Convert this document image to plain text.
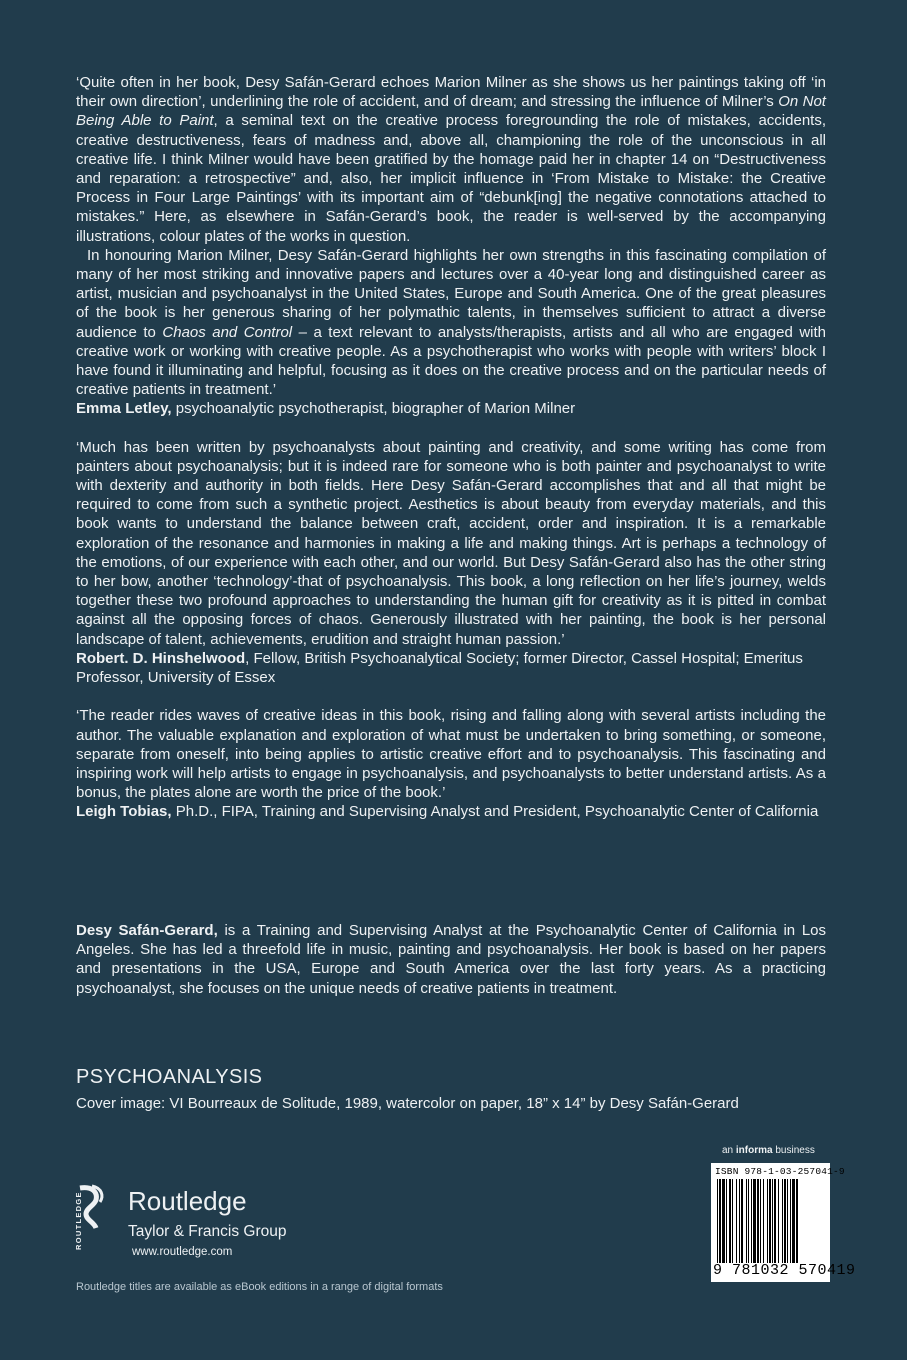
‘Quite often in her book, Desy Safán-Gerard echoes Marion Milner as she shows us her paintings taking off ‘in their own direction’, underlining the role of accident, and of dream; and stressing the influence of Milner’s On Not Being Able to Paint, a seminal text on the creative process foregrounding the role of mistakes, accidents, creative destructiveness, fears of madness and, above all, championing the role of the unconscious in all creative life. I think Milner would have been gratified by the homage paid her in chapter 14 on “Destructiveness and reparation: a retrospective” and, also, her implicit influence in ‘From Mistake to Mistake: the Creative Process in Four Large Paintings’ with its important aim of “debunk[ing] the negative connotations attached to mistakes.” Here, as elsewhere in Safán-Gerard’s book, the reader is well-served by the accompanying illustrations, colour plates of the works in question.

In honouring Marion Milner, Desy Safán-Gerard highlights her own strengths in this fascinating compilation of many of her most striking and innovative papers and lectures over a 40-year long and distinguished career as artist, musician and psychoanalyst in the United States, Europe and South America. One of the great pleasures of the book is her generous sharing of her polymathic talents, in themselves sufficient to attract a diverse audience to Chaos and Control – a text relevant to analysts/therapists, artists and all who are engaged with creative work or working with creative people. As a psychotherapist who works with people with writers’ block I have found it illuminating and helpful, focusing as it does on the creative process and on the particular needs of creative patients in treatment.’

Emma Letley, psychoanalytic psychotherapist, biographer of Marion Milner

‘Much has been written by psychoanalysts about painting and creativity, and some writing has come from painters about psychoanalysis; but it is indeed rare for someone who is both painter and psychoanalyst to write with dexterity and authority in both fields. Here Desy Safán-Gerard accomplishes that and all that might be required to come from such a synthetic project. Aesthetics is about beauty from everyday materials, and this book wants to understand the balance between craft, accident, order and inspiration. It is a remarkable exploration of the resonance and harmonies in making a life and making things. Art is perhaps a technology of the emotions, of our experience with each other, and our world. But Desy Safán-Gerard also has the other string to her bow, another ‘technology’-that of psychoanalysis. This book, a long reflection on her life’s journey, welds together these two profound approaches to understanding the human gift for creativity as it is pitted in combat against all the opposing forces of chaos. Generously illustrated with her painting, the book is her personal landscape of talent, achievements, erudition and straight human passion.’

Robert. D. Hinshelwood, Fellow, British Psychoanalytical Society; former Director, Cassel Hospital; Emeritus Professor, University of Essex

‘The reader rides waves of creative ideas in this book, rising and falling along with several artists including the author. The valuable explanation and exploration of what must be undertaken to bring something, or someone, separate from oneself, into being applies to artistic creative effort and to psychoanalysis. This fascinating and inspiring work will help artists to engage in psychoanalysis, and psychoanalysts to better understand artists. As a bonus, the plates alone are worth the price of the book.’

Leigh Tobias, Ph.D., FIPA, Training and Supervising Analyst and President, Psychoanalytic Center of California

Desy Safán-Gerard, is a Training and Supervising Analyst at the Psychoanalytic Center of California in Los Angeles. She has led a threefold life in music, painting and psychoanalysis. Her book is based on her papers and presentations in the USA, Europe and South America over the last forty years. As a practicing psychoanalyst, she focuses on the unique needs of creative patients in treatment.

PSYCHOANALYSIS
Cover image: VI Bourreaux de Solitude, 1989, watercolor on paper, 18” x 14” by Desy Safán-Gerard
an informa business
ISBN 978-1-03-257041-9
9 781032 570419
ROUTLEDGE Routledge
Taylor & Francis Group
www.routledge.com
Routledge titles are available as eBook editions in a range of digital formats
